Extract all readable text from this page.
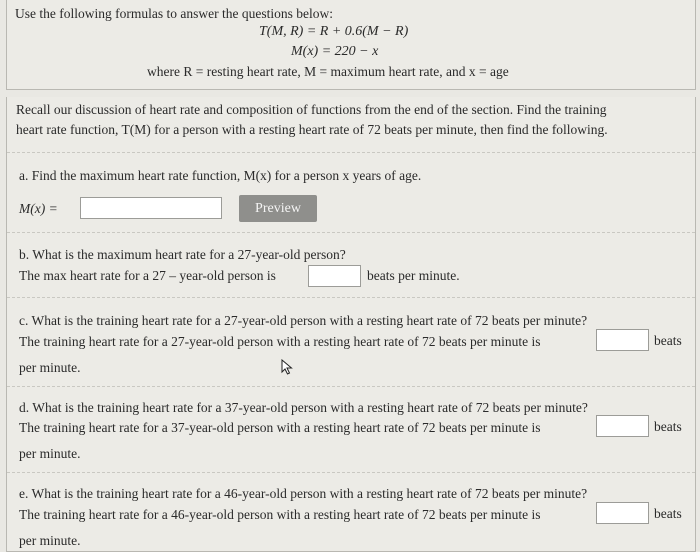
Use the following formulas to answer the questions below:
T(M, R) = R + 0.6(M − R)
M(x) = 220 − x
where R = resting heart rate, M = maximum heart rate, and x = age
Recall our discussion of heart rate and composition of functions from the end of the section. Find the training
heart rate function, T(M) for a person with a resting heart rate of 72 beats per minute, then find the following.
a. Find the maximum heart rate function, M(x) for a person x years of age.
M(x) =	Preview
b. What is the maximum heart rate for a 27-year-old person?
The max heart rate for a 27 – year-old person is	beats per minute.
c. What is the training heart rate for a 27-year-old person with a resting heart rate of 72 beats per minute?
The training heart rate for a 27-year-old person with a resting heart rate of 72 beats per minute is	beats
per minute.
d. What is the training heart rate for a 37-year-old person with a resting heart rate of 72 beats per minute?
The training heart rate for a 37-year-old person with a resting heart rate of 72 beats per minute is	beats
per minute.
e. What is the training heart rate for a 46-year-old person with a resting heart rate of 72 beats per minute?
The training heart rate for a 46-year-old person with a resting heart rate of 72 beats per minute is	beats
per minute.
